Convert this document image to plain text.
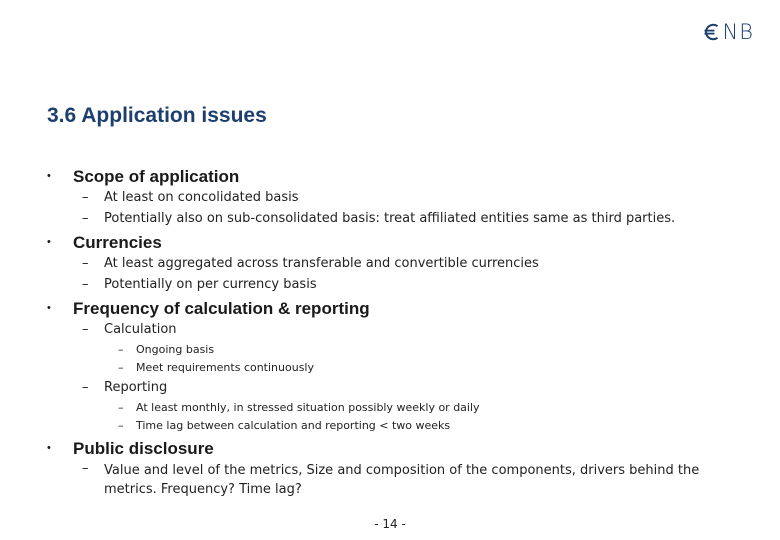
NB
3.6 Application issues
• Scope of application
– At least on concolidated basis
– Potentially also on sub-consolidated basis: treat affiliated entities same as third parties.
• Currencies
– At least aggregated across transferable and convertible currencies
– Potentially on per currency basis
• Frequency of calculation & reporting
– Calculation
– Ongoing basis
– Meet requirements continuously
– Reporting
– At least monthly, in stressed situation possibly weekly or daily
– Time lag between calculation and reporting < two weeks
• Public disclosure
– Value and level of the metrics, Size and composition of the components, drivers behind the metrics. Frequency? Time lag?
- 14 -
